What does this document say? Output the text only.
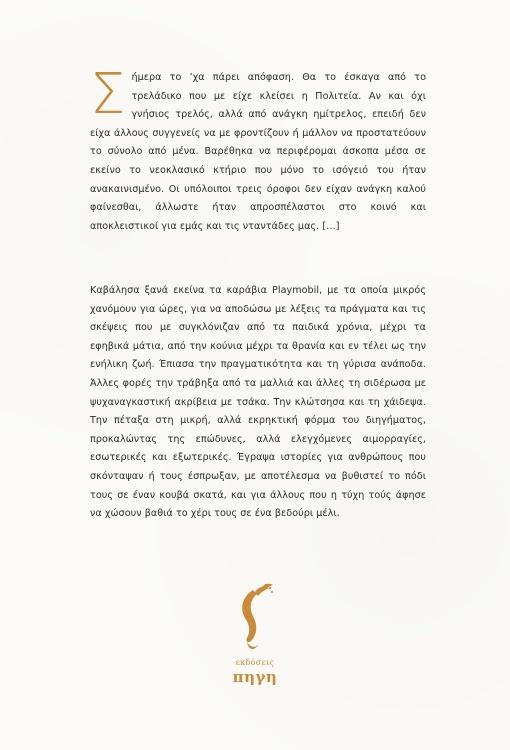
Σήμερα το ’χα πάρει απόφαση. Θα το έσκαγα από το τρελάδικο που με είχε κλείσει η Πολιτεία. Αν και όχι γνήσιος τρελός, αλλά από ανάγκη ημίτρελος, επειδή δεν είχα άλλους συγγενείς να με φροντίζουν ή μάλλον να προστατεύουν το σύνολο από μένα. Βαρέθηκα να περιφέρομαι άσκοπα μέσα σε εκείνο το νεοκλασικό κτήριο που μόνο το ισόγειό του ήταν ανακαινισμένο. Οι υπόλοιποι τρεις όροφοι δεν είχαν ανάγκη καλού φαίνεσθαι, άλλωστε ήταν απροσπέλαστοι στο κοινό και αποκλειστικοί για εμάς και τις νταντάδες μας. […]

Καβάλησα ξανά εκείνα τα καράβια Playmobil, με τα οποία μικρός χανόμουν για ώρες, για να αποδώσω με λέξεις τα πράγματα και τις σκέψεις που με συγκλόνιζαν από τα παιδικά χρόνια, μέχρι τα εφηβικά μάτια, από την κούνια μέχρι τα θρανία και εν τέλει ως την ενήλικη ζωή. Έπιασα την πραγματικότητα και τη γύρισα ανάποδα. Άλλες φορές την τράβηξα από τα μαλλιά και άλλες τη σιδέρωσα με ψυχαναγκαστική ακρίβεια με τσάκα. Την κλώτσησα και τη χάιδεψα. Την πέταξα στη μικρή, αλλά εκρηκτική φόρμα του διηγήματος, προκαλώντας της επώδυνες, αλλά ελεγχόμενες αιμορραγίες, εσωτερικές και εξωτερικές. Έγραψα ιστορίες για ανθρώπους που σκόνταψαν ή τους έσπρωξαν, με αποτέλεσμα να βυθιστεί το πόδι τους σε έναν κουβά σκατά, και για άλλους που η τύχη τούς άφησε να χώσουν βαθιά το χέρι τους σε ένα βεδούρι μέλι.

εκδόσεις
πηγη
